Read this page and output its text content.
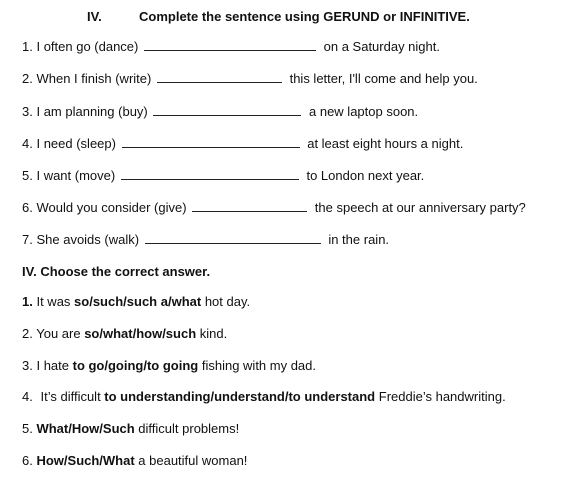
IV.	Complete the sentence using GERUND or INFINITIVE.
1. I often go (dance)	on a Saturday night.
2. When I finish (write)	this letter, I'll come and help you.
3. I am planning (buy)	a new laptop soon.
4. I need (sleep)	at least eight hours a night.
5. I want (move)	to London next year.
6. Would you consider (give)	the speech at our anniversary party?
7. She avoids (walk)	in the rain.
IV. Choose the correct answer.
1. It was so/such/such a/what hot day.
2. You are so/what/how/such kind.
3. I hate to go/going/to going fishing with my dad.
4. It’s difficult to understanding/understand/to understand Freddie’s handwriting.
5. What/How/Such difficult problems!
6. How/Such/What a beautiful woman!
